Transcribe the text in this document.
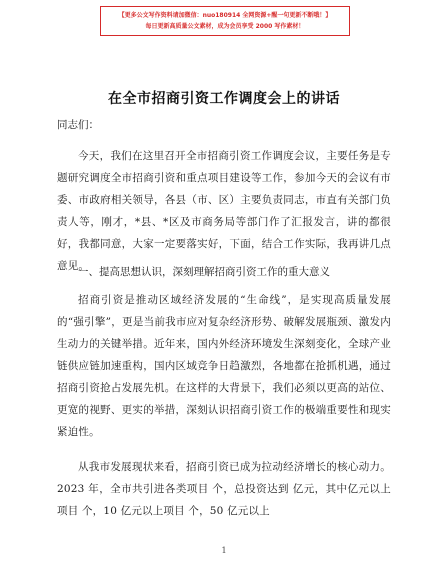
【更多公文写作资料请加微信：nuo180914 全网资源+醒一句更新不断哦！】
每日更新高质量公文素材，成为会员享受 2000 写作素材！
在全市招商引资工作调度会上的讲话
同志们：
今天，我们在这里召开全市招商引资工作调度会议，主要任务是专题研究调度全市招商引资和重点项目建设等工作，参加今天的会议有市委、市政府相关领导，各县（市、区）主要负责同志，市直有关部门负责人等，刚才，*县、*区及市商务局等部门作了汇报发言，讲的都很好，我都同意，大家一定要落实好，下面，结合工作实际，我再讲几点意见。
一、提高思想认识，深刻理解招商引资工作的重大意义
招商引资是推动区域经济发展的“生命线”，是实现高质量发展的“强引擎”，更是当前我市应对复杂经济形势、破解发展瓶颈、激发内生动力的关键举措。近年来，国内外经济环境发生深刻变化，全球产业链供应链加速重构，国内区域竞争日趋激烈，各地都在抢抓机遇，通过招商引资抢占发展先机。在这样的大背景下，我们必须以更高的站位、更宽的视野、更实的举措，深刻认识招商引资工作的极端重要性和现实紧迫性。
从我市发展现状来看，招商引资已成为拉动经济增长的核心动力。2023 年，全市共引进各类项目 个，总投资达到 亿元，其中亿元以上项目 个，10 亿元以上项目 个，50 亿元以上
1
